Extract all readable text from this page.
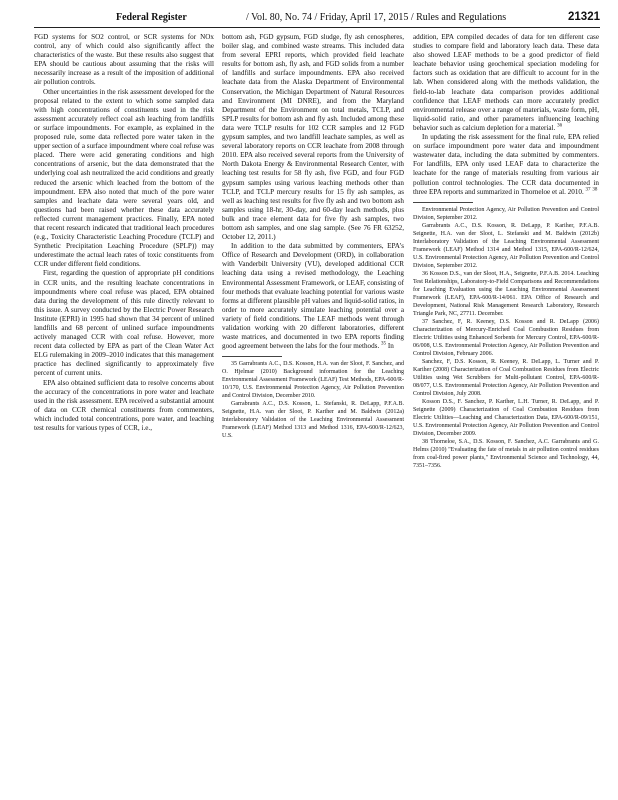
Federal Register	/ Vol. 80, No. 74 / Friday, April 17, 2015 / Rules and Regulations	21321

FGD systems for SO2 control, or SCR systems for NOx control, any of which could also significantly affect the characteristics of the waste. But these results also suggest that EPA should be cautious about assuming that the risks will necessarily increase as a result of the imposition of additional air pollution controls.

Other uncertainties in the risk assessment developed for the proposal related to the extent to which some sampled data with high concentrations of constituents used in the risk assessment accurately reflect coal ash leaching from landfills or surface impoundments. For example, as explained in the proposed rule, some data reflected pore water taken in the upper section of a surface impoundment where coal refuse was placed. There were acid generating conditions and high concentrations of arsenic, but the data demonstrated that the underlying coal ash neutralized the acid conditions and greatly reduced the arsenic which leached from the bottom of the impoundment. EPA also noted that much of the pore water samples and leachate data were several years old, and questions had been raised whether these data accurately reflected current management practices. Finally, EPA noted that recent research indicated that traditional leach procedures (e.g., Toxicity Characteristic Leaching Procedure (TCLP) and Synthetic Precipitation Leaching Procedure (SPLP)) may underestimate the actual leach rates of toxic constituents from CCR under different field conditions.

First, regarding the question of appropriate pH conditions in CCR units, and the resulting leachate concentrations in impoundments where coal refuse was placed, EPA obtained data during the development of this rule directly relevant to this issue. A survey conducted by the Electric Power Research Institute (EPRI) in 1995 had shown that 34 percent of unlined landfills and 68 percent of unlined surface impoundments actively managed CCR with coal refuse. However, more recent data collected by EPA as part of the Clean Water Act ELG rulemaking in 2009–2010 indicates that this management practice has declined significantly to approximately five percent of current units.

EPA also obtained sufficient data to resolve concerns about the accuracy of the concentrations in pore water and leachate used in the risk assessment. EPA received a substantial amount of data on CCR chemical constituents from commenters, which included total concentrations, pore water, and leaching test results for various types of CCR, i.e.,

bottom ash, FGD gypsum, FGD sludge, fly ash cenospheres, boiler slag, and combined waste streams. This included data from several EPRI reports, which provided field leachate results for bottom ash, fly ash, and FGD solids from a number of landfills and surface impoundments. EPA also received leachate data from the Alaska Department of Environmental Conservation, the Michigan Department of Natural Resources and Environment (MI DNRE), and from the Maryland Department of the Environment on total metals, TCLP, and SPLP results for bottom ash and fly ash. Included among these data were TCLP results for 102 CCR samples and 12 FGD gypsum samples, and two landfill leachate samples, as well as several laboratory reports on CCR leachate from 2008 through 2010. EPA also received several reports from the University of North Dakota Energy & Environmental Research Center, with leaching test results for 58 fly ash, five FGD, and four FGD gypsum samples using various leaching methods other than TCLP, and TCLP mercury results for 15 fly ash samples, as well as leaching test results for five fly ash and two bottom ash samples using 18-hr, 30-day, and 60-day leach methods, plus bulk and trace element data for five fly ash samples, two bottom ash samples, and one slag sample. (See 76 FR 63252, October 12, 2011.)

In addition to the data submitted by commenters, EPA's Office of Research and Development (ORD), in collaboration with Vanderbilt University (VU), developed additional CCR leaching data using a revised methodology, the Leaching Environmental Assessment Framework, or LEAF, consisting of four methods that evaluate leaching potential for various waste forms at different plausible pH values and liquid-solid ratios, in order to more accurately simulate leaching potential over a variety of field conditions. The LEAF methods went through validation working with 20 different laboratories, different waste matrices, and documented in two EPA reports finding good agreement between the labs for the four methods. $^{35}$ In

35 Garrabrants A.C., D.S. Kosson, H.A. van der Sloot, F. Sanchez, and O. Hjelmar (2010) Background information for the Leaching Environmental Assessment Framework (LEAF) Test Methods, EPA-600/R-10/170, U.S. Environmental Protection Agency, Air Pollution Prevention and Control Division, December 2010.

Garrabrants A.C., D.S. Kosson, L. Stefanski, R. DeLapp, P.F.A.B. Seignette, H.A. van der Sloot, P. Kariher and M. Baldwin (2012a) Interlaboratory Validation of the Leaching Environmental Assessment Framework (LEAF) Method 1313 and Method 1316, EPA-600/R-12/623, U.S.

addition, EPA compiled decades of data for ten different case studies to compare field and laboratory leach data. These data also showed LEAF methods to be a good predictor of field leachate behavior using geochemical speciation modeling for factors such as oxidation that are difficult to account for in the lab. When considered along with the methods validation, the field-to-lab leachate data comparison provides additional confidence that LEAF methods can more accurately predict environmental release over a range of materials, waste form, pH, liquid-solid ratio, and other parameters influencing leaching behavior such as calcium depletion for a material. $^{36}$

In updating the risk assessment for the final rule, EPA relied on surface impoundment pore water data and impoundment wastewater data, including the data submitted by commenters. For landfills, EPA only used LEAF data to characterize the leachate for the range of materials resulting from various air pollution control technologies. The CCR data documented in three EPA reports and summarized in Thorneloe et al. 2010. $^{37}$ $^{38}$

Environmental Protection Agency, Air Pollution Prevention and Control Division, September 2012.

Garrabrants A.C., D.S. Kosson, R. DeLapp, P. Kariher, P.F.A.B. Seignette, H.A. van der Sloot, L. Stefanski and M. Baldwin (2012b) Interlaboratory Validation of the Leaching Environmental Assessment Framework (LEAF) Method 1314 and Method 1315, EPA-600/R-12/624, U.S. Environmental Protection Agency, Air Pollution Prevention and Control Division, September 2012.

36 Kosson D.S., van der Sloot, H.A., Seignette, P.F.A.B. 2014. Leaching Test Relationships, Laboratory-to-Field Comparisons and Recommendations for Leaching Evaluation using the Leaching Environmental Assessment Framework (LEAF), EPA-600/R-14/061. EPA Office of Research and Development, National Risk Management Research Laboratory, Research Triangle Park, NC, 27711. December.

37 Sanchez, F, R. Keeney, D.S. Kosson and R. DeLapp (2006) Characterization of Mercury-Enriched Coal Combustion Residues from Electric Utilities using Enhanced Sorbents for Mercury Control, EPA-600/R-06/008, U.S. Environmental Protection Agency, Air Pollution Prevention and Control Division, February 2006.

Sanchez, F, D.S. Kosson, R. Keeney, R. DeLapp, L. Turner and P. Kariher (2008) Characterization of Coal Combustion Residues from Electric Utilities using Wet Scrubbers for Multi-pollutant Control, EPA-600/R-08/077, U.S. Environmental Protection Agency, Air Pollution Prevention and Control Division, July 2008.

Kosson D.S., F. Sanchez, P. Kariher, L.H. Turner, R. DeLapp, and P. Seignette (2009) Characterization of Coal Combustion Residues from Electric Utilities—Leaching and Characterization Data, EPA-600/R-09/151, U.S. Environmental Protection Agency, Air Pollution Prevention and Control Division, December 2009.

38 Thorneloe, S.A., D.S. Kosson, F. Sanchez, A.C. Garrabrants and G. Helms (2010) "Evaluating the fate of metals in air pollution control residues from coal-fired power plants," Environmental Science and Technology, 44, 7351–7356.
